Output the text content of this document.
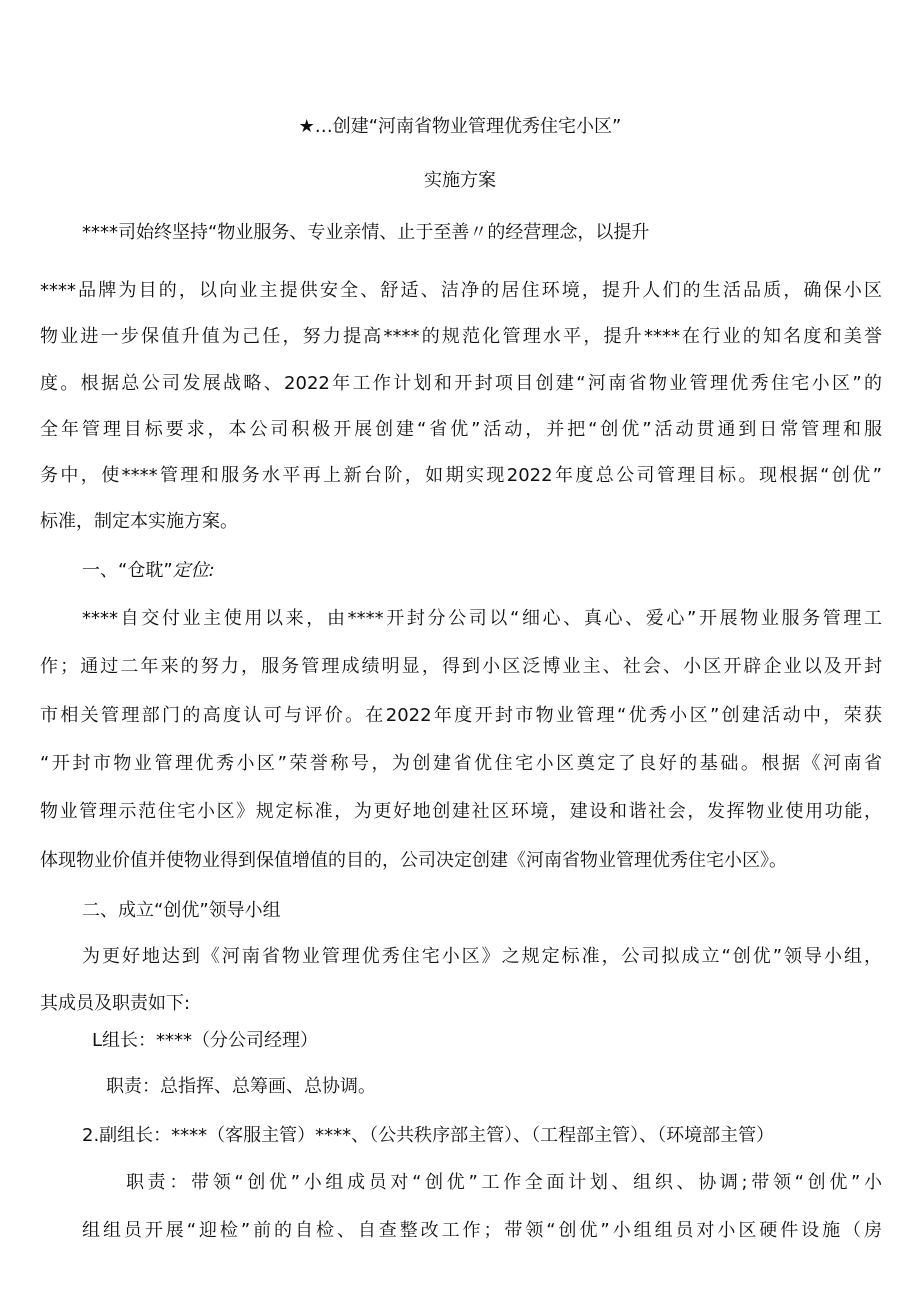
★…创建“河南省物业管理优秀住宅小区”
实施方案
****司始终坚持“物业服务、专业亲情、止于至善〃的经营理念，以提升
****品牌为目的，以向业主提供安全、舒适、洁净的居住环境，提升人们的生活品质，确保小区
物业进一步保值升值为己任，努力提高****的规范化管理水平，提升****在行业的知名度和美誉
度。根据总公司发展战略、2022年工作计划和开封项目创建“河南省物业管理优秀住宅小区”的
全年管理目标要求，本公司积极开展创建“省优”活动，并把“创优”活动贯通到日常管理和服
务中，使****管理和服务水平再上新台阶，如期实现2022年度总公司管理目标。现根据“创优”
标准，制定本实施方案。
一、“仓耽”定位:
****自交付业主使用以来，由****开封分公司以“细心、真心、爱心”开展物业服务管理工
作；通过二年来的努力，服务管理成绩明显，得到小区泛博业主、社会、小区开辟企业以及开封
市相关管理部门的高度认可与评价。在2022年度开封市物业管理“优秀小区”创建活动中，荣获
“开封市物业管理优秀小区”荣誉称号，为创建省优住宅小区奠定了良好的基础。根据《河南省
物业管理示范住宅小区》规定标准，为更好地创建社区环境，建设和谐社会，发挥物业使用功能，
体现物业价值并使物业得到保值增值的目的，公司决定创建《河南省物业管理优秀住宅小区》。
二、成立“创优”领导小组
为更好地达到《河南省物业管理优秀住宅小区》之规定标准，公司拟成立“创优”领导小组，
其成员及职责如下:
L组长：****（分公司经理）
职责：总指挥、总筹画、总协调。
2.副组长：****（客服主管）****、（公共秩序部主管）、（工程部主管）、（环境部主管）
职责：带领“创优”小组成员对“创优”工作全面计划、组织、协调;带领“创优”小
组组员开展“迎检”前的自检、自查整改工作；带领“创优”小组组员对小区硬件设施（房
